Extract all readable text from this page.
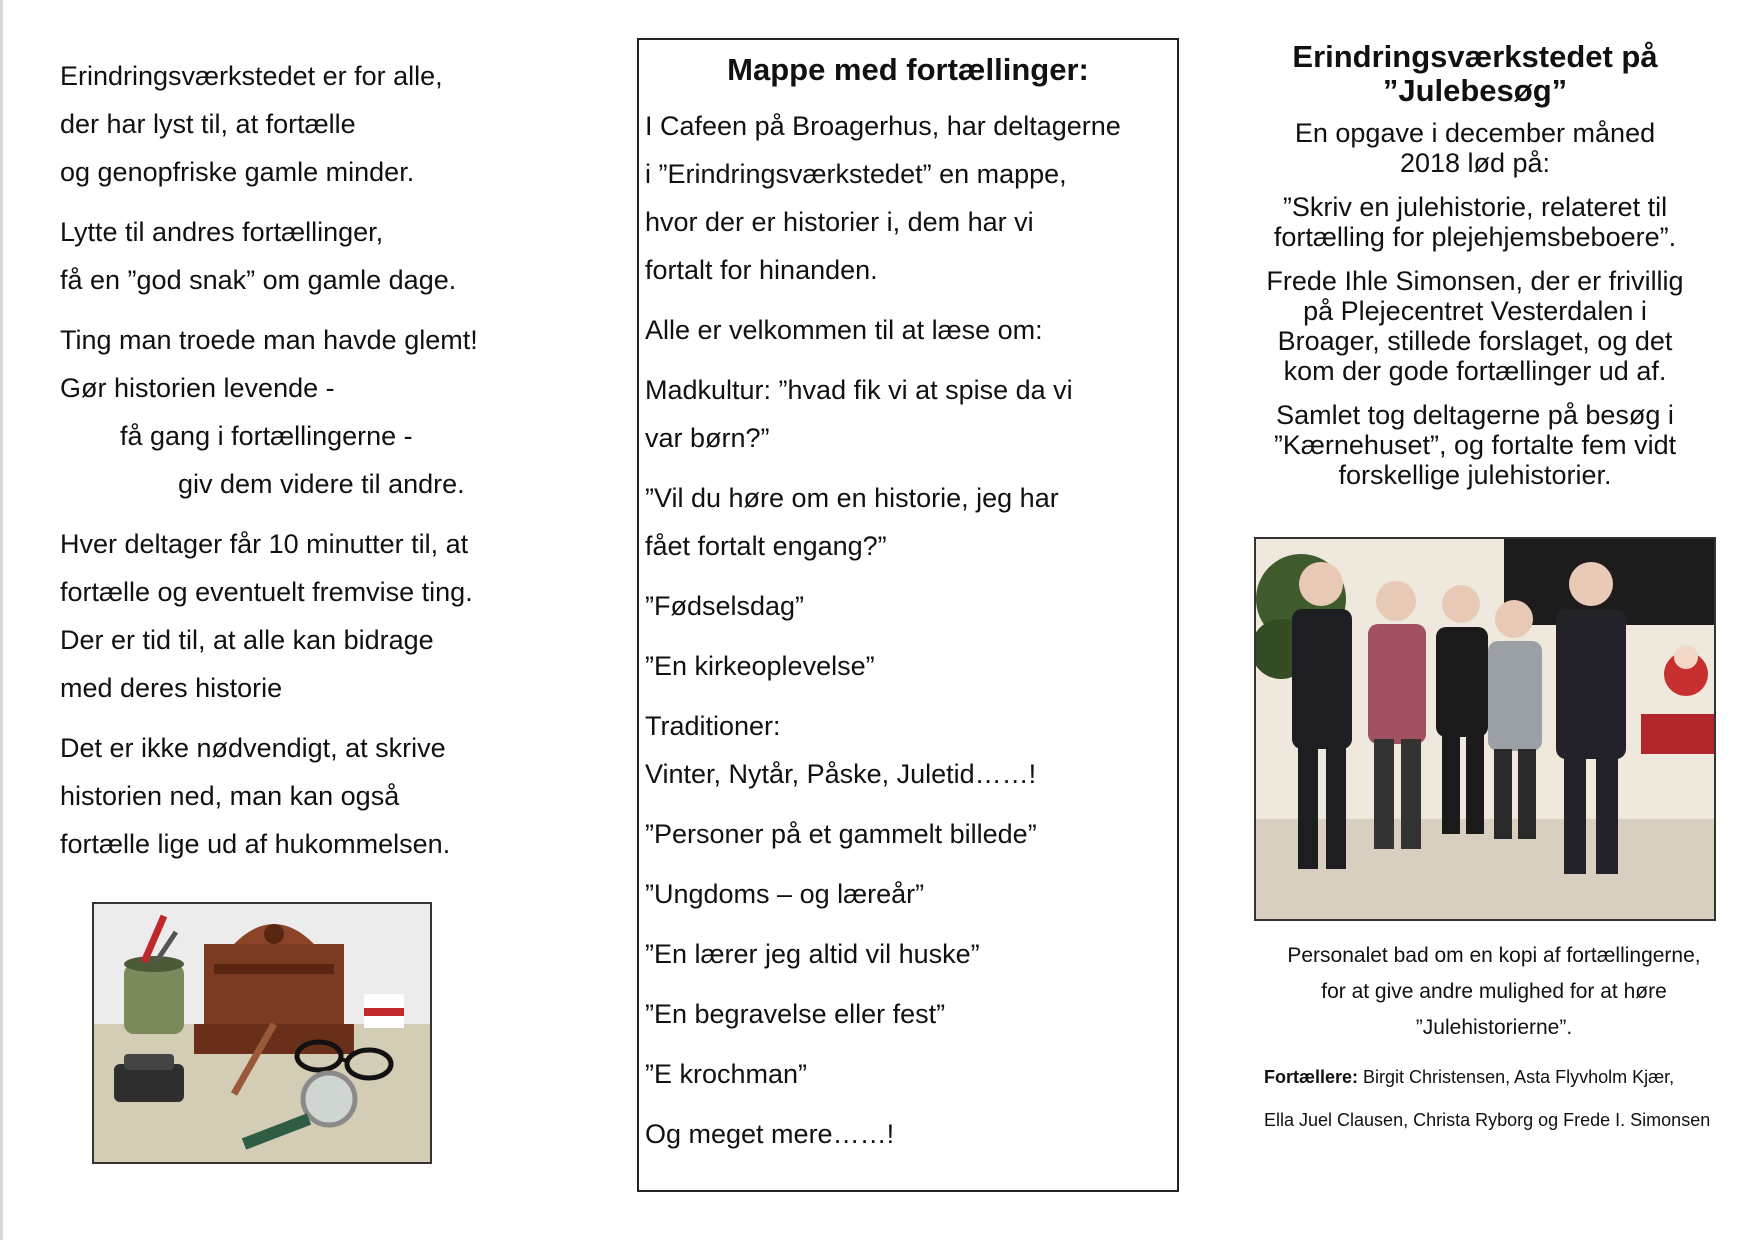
Erindringsværkstedet er for alle,
der har lyst til, at fortælle
og genopfriske gamle minder.

Lytte til andres fortællinger,
få en ”god snak” om gamle dage.

Ting man troede man havde glemt!
Gør historien levende -
få gang i fortællingerne -
giv dem videre til andre.

Hver deltager får 10 minutter til, at
fortælle og eventuelt fremvise ting.
Der er tid til, at alle kan bidrage
med deres historie

Det er ikke nødvendigt, at skrive
historien ned, man kan også
fortælle lige ud af hukommelsen.

Mappe med fortællinger:

I Cafeen på Broagerhus, har deltagerne
i ”Erindringsværkstedet” en mappe,
hvor der er historier i, dem har vi
fortalt for hinanden.

Alle er velkommen til at læse om:

Madkultur: ”hvad fik vi at spise da vi
var børn?”

”Vil du høre om en historie, jeg har
fået fortalt engang?”

”Fødselsdag”

”En kirkeoplevelse”

Traditioner:
Vinter, Nytår, Påske, Juletid……!

”Personer på et gammelt billede”

”Ungdoms – og læreår”

”En lærer jeg altid vil huske”

”En begravelse eller fest”

”E krochman”

Og meget mere……!

Erindringsværkstedet på
”Julebesøg”
En opgave i december måned
2018 lød på:
”Skriv en julehistorie, relateret til
fortælling for plejehjemsbeboere”.
Frede Ihle Simonsen, der er frivillig
på Plejecentret Vesterdalen i
Broager, stillede forslaget, og det
kom der gode fortællinger ud af.
Samlet tog deltagerne på besøg i
”Kærnehuset”, og fortalte fem vidt
forskellige julehistorier.
Personalet bad om en kopi af fortællingerne,
for at give andre mulighed for at høre
”Julehistorierne”.
Fortællere: Birgit Christensen, Asta Flyvholm Kjær,
Ella Juel Clausen, Christa Ryborg og Frede I. Simonsen
